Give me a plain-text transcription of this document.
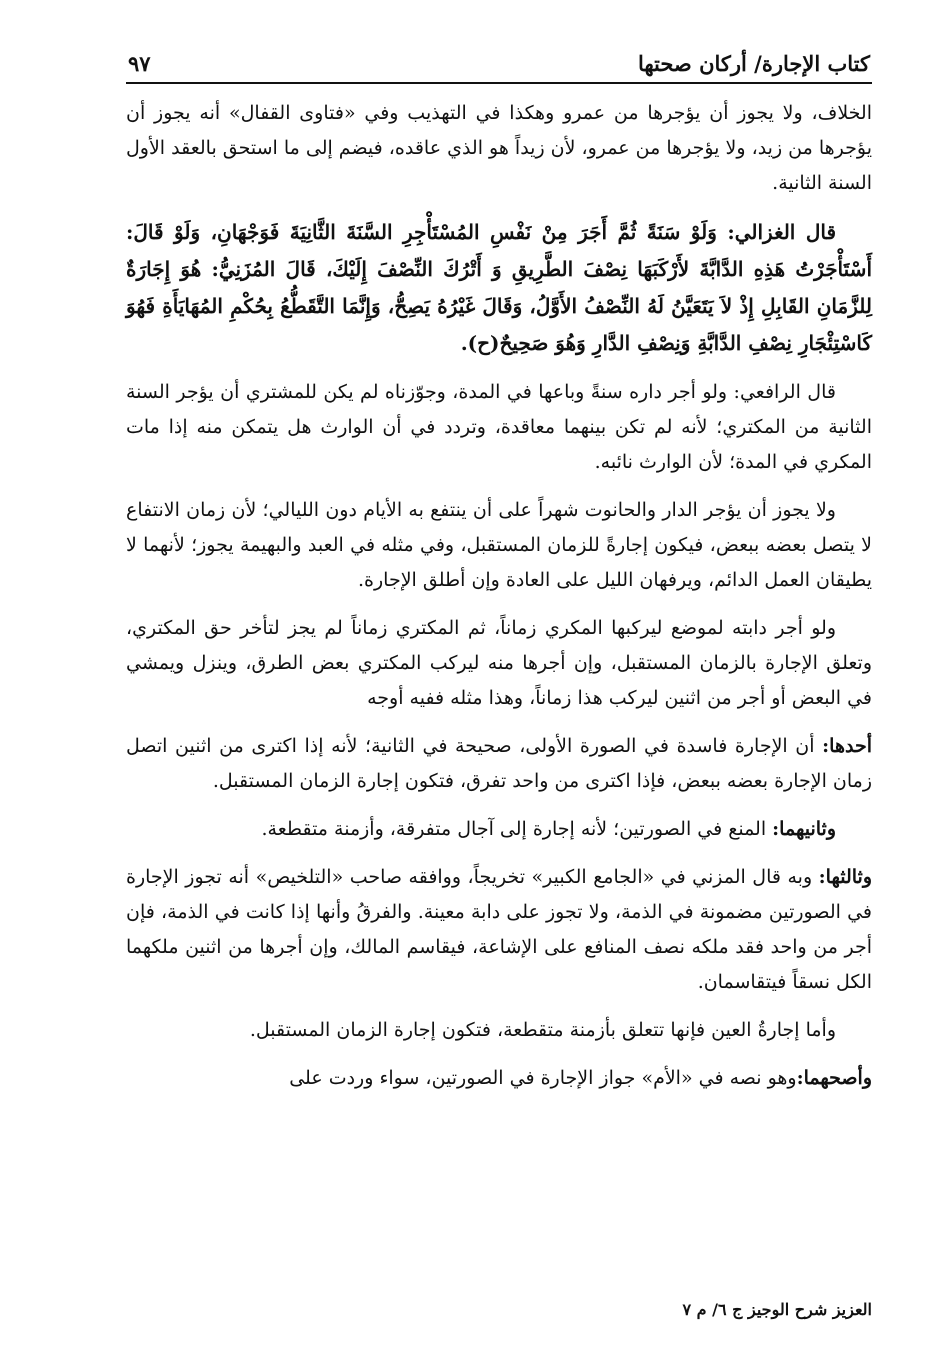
كتاب الإجارة/ أركان صحتها
٩٧

الخلاف، ولا يجوز أن يؤجرها من عمرو وهكذا في التهذيب وفي «فتاوى القفال» أنه يجوز أن يؤجرها من زيد، ولا يؤجرها من عمرو، لأن زيداً هو الذي عاقده، فيضم إلى ما استحق بالعقد الأول السنة الثانية.

قال الغزالي: وَلَوْ سَنَةً ثُمَّ أَجَرَ مِنْ نَفْسِ المُسْتَأْجِرِ السَّنَةَ الثَّانِيَةَ فَوَجْهَانِ، وَلَوْ قَالَ: أَسْتَأْجَرْتُ هَذِهِ الدَّابَّةَ لأَرْكَبَهَا نِصْفَ الطَّرِيقِ وَ أَتْرُكَ النِّصْفَ إِلَيْكَ، قَالَ المُزَنِيُّ: هُوَ إِجَارَةٌ لِلزَّمَانِ القَابِلِ إِذْ لاَ يَتَعَيَّنُ لَهُ النِّصْفُ الأَوَّلُ، وَقَالَ غَيْرُهُ يَصِحُّ، وَإِنَّمَا التَّقَطُّعُ بِحُكْمِ المُهَايَأَةِ فَهُوَ كَاسْتِئْجَارِ نِصْفِ الدَّابَّةِ وَنِصْفِ الدَّارِ وَهُوَ صَحِيحٌ(ح).

قال الرافعي: ولو أجر داره سنةً وباعها في المدة، وجوّزناه لم يكن للمشتري أن يؤجر السنة الثانية من المكتري؛ لأنه لم تكن بينهما معاقدة، وتردد في أن الوارث هل يتمكن منه إذا مات المكري في المدة؛ لأن الوارث نائبه.

ولا يجوز أن يؤجر الدار والحانوت شهراً على أن ينتفع به الأيام دون الليالي؛ لأن زمان الانتفاع لا يتصل بعضه ببعض، فيكون إجارةً للزمان المستقبل، وفي مثله في العبد والبهيمة يجوز؛ لأنهما لا يطيقان العمل الدائم، ويرفهان الليل على العادة وإن أطلق الإجارة.

ولو أجر دابته لموضع ليركبها المكري زماناً، ثم المكتري زماناً لم يجز لتأخر حق المكتري، وتعلق الإجارة بالزمان المستقبل، وإن أجرها منه ليركب المكتري بعض الطرق، وينزل ويمشي في البعض أو أجر من اثنين ليركب هذا زماناً، وهذا مثله ففيه أوجه

أحدها: أن الإجارة فاسدة في الصورة الأولى، صحيحة في الثانية؛ لأنه إذا اكترى من اثنين اتصل زمان الإجارة بعضه ببعض، فإذا اكترى من واحد تفرق، فتكون إجارة الزمان المستقبل.

وثانيهما: المنع في الصورتين؛ لأنه إجارة إلى آجال متفرقة، وأزمنة متقطعة.

وثالثها: وبه قال المزني في «الجامع الكبير» تخريجاً، ووافقه صاحب «التلخيص» أنه تجوز الإجارة في الصورتين مضمونة في الذمة، ولا تجوز على دابة معينة. والفرقُ وأنها إذا كانت في الذمة، فإن أجر من واحد فقد ملكه نصف المنافع على الإشاعة، فيقاسم المالك، وإن أجرها من اثنين ملكهما الكل نسقاً فيتقاسمان.

وأما إجارةُ العين فإنها تتعلق بأزمنة متقطعة، فتكون إجارة الزمان المستقبل.

وأصحهما:وهو نصه في «الأم» جواز الإجارة في الصورتين، سواء وردت على

العزيز شرح الوجيز ج ٦/ م ٧
